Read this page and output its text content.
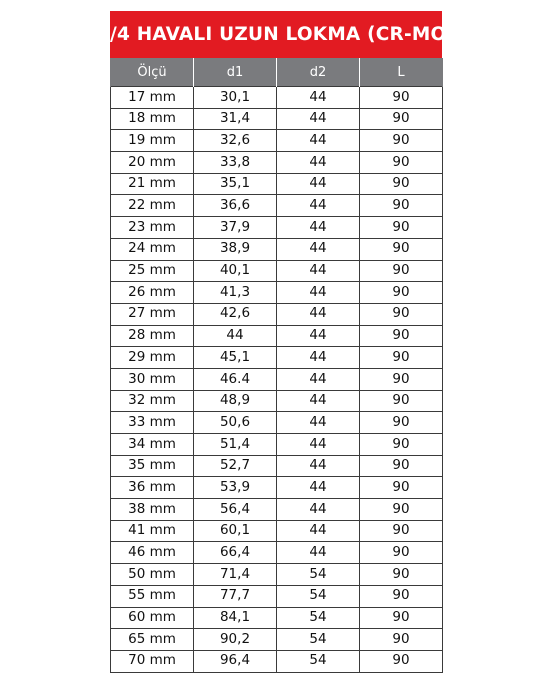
3/4 HAVALI UZUN LOKMA (CR-MO)
Ölçü	d1	d2	L
17 mm	30,1	44	90
18 mm	31,4	44	90
19 mm	32,6	44	90
20 mm	33,8	44	90
21 mm	35,1	44	90
22 mm	36,6	44	90
23 mm	37,9	44	90
24 mm	38,9	44	90
25 mm	40,1	44	90
26 mm	41,3	44	90
27 mm	42,6	44	90
28 mm	44	44	90
29 mm	45,1	44	90
30 mm	46.4	44	90
32 mm	48,9	44	90
33 mm	50,6	44	90
34 mm	51,4	44	90
35 mm	52,7	44	90
36 mm	53,9	44	90
38 mm	56,4	44	90
41 mm	60,1	44	90
46 mm	66,4	44	90
50 mm	71,4	54	90
55 mm	77,7	54	90
60 mm	84,1	54	90
65 mm	90,2	54	90
70 mm	96,4	54	90
